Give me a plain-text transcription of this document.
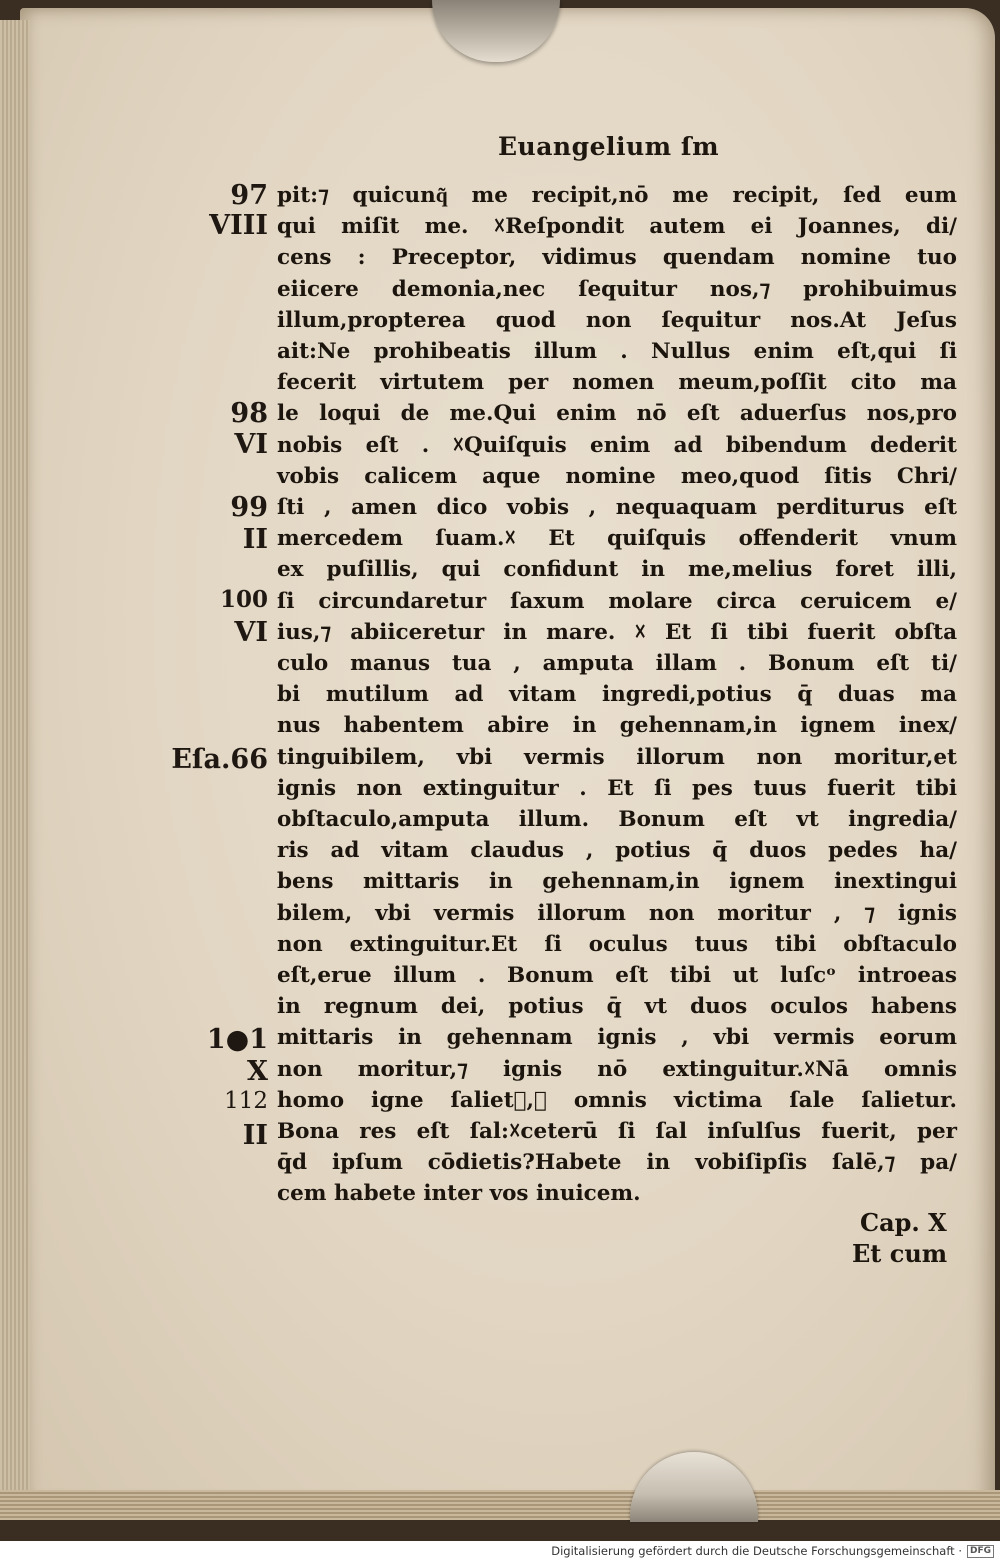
Euangelium ſm
97
VIII
98
VI
99
II
100
VI
Eſa.66
1●1
X
112
II
pit:⁊ quicunq͂ me recipit,nō me recipit, ſed eum
qui miſit me. ☓Reſpondit autem ei Joannes, di/
cens : Preceptor, vidimus quendam nomine tuo
eiicere demonia,nec ſequitur nos,⁊ prohibuimus
illum,propterea quod non ſequitur nos.At Jeſus
ait:Ne prohibeatis illum . Nullus enim eſt,qui ſi
fecerit virtutem per nomen meum,poſſit cito ma
le loqui de me.Qui enim nō eſt aduerſus nos,pro
nobis eſt . ☓Quiſquis enim ad bibendum dederit
vobis calicem aque nomine meo,quod ſitis Chri/
ſti , amen dico vobis , nequaquam perditurus eſt
mercedem ſuam.☓ Et quiſquis offenderit vnum
ex puſillis, qui confidunt in me,melius foret illi,
ſi circundaretur ſaxum molare circa ceruicem e/
ius,⁊ abiiceretur in mare. ☓ Et ſi tibi fuerit obſta
culo manus tua , amputa illam . Bonum eſt ti/
bi mutilum ad vitam ingredi,potius q̄ duas ma
nus habentem abire in gehennam,in ignem inex/
tinguibilem, vbi vermis illorum non moritur,et
ignis non extinguitur . Et ſi pes tuus fuerit tibi
obſtaculo,amputa illum. Bonum eſt vt ingredia/
ris ad vitam claudus , potius q̄ duos pedes ha/
bens mittaris in gehennam,in ignem inextingui
bilem, vbi vermis illorum non moritur , ⁊ ignis
non extinguitur.Et ſi oculus tuus tibi obſtaculo
eſt,erue illum . Bonum eſt tibi ut luſcᵒ introeas
in regnum dei, potius q̄ vt duos oculos habens
mittaris in gehennam ignis , vbi vermis eorum
non moritur,⁊ ignis nō extinguitur.☓Nā omnis
homo igne ſalietᷣ,⁊ omnis victima ſale ſalietur.
Bona res eſt ſal:☓ceterū ſi ſal inſulſus fuerit, per
q̄d ipſum cōdietis?Habete in vobiſipſis ſalē,⁊ pa/
cem habete inter vos inuicem.
Cap. X
Et cum
Digitalisierung gefördert durch die Deutsche Forschungsgemeinschaft · DFG
